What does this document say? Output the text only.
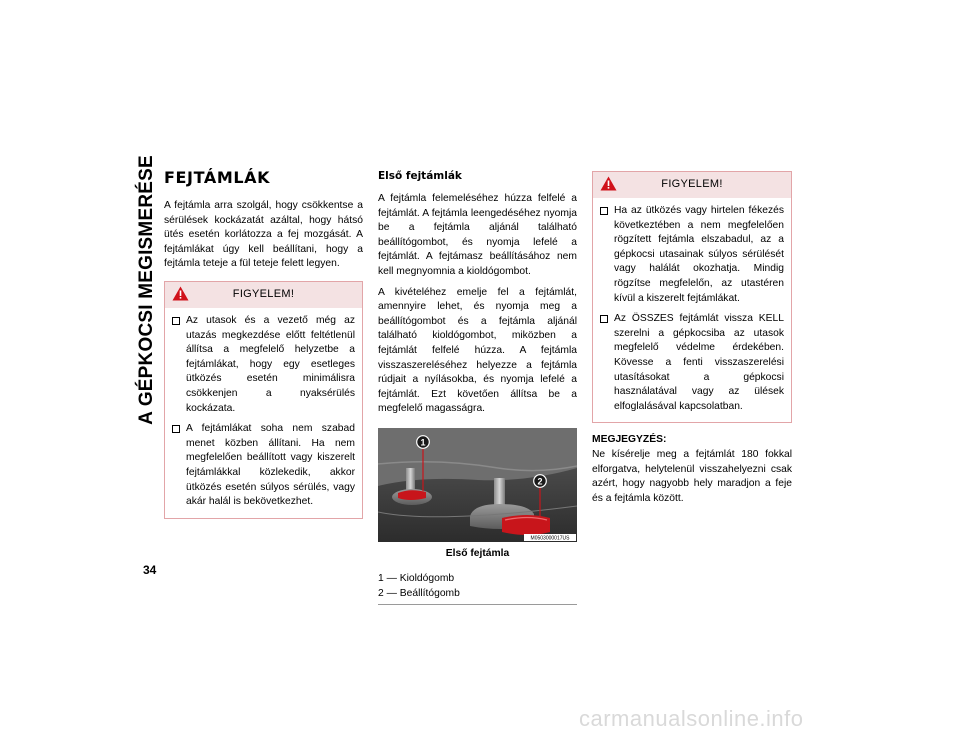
A GÉPKOCSI MEGISMERÉSE
34
FEJTÁMLÁK

A fejtámla arra szolgál, hogy csökkentse a sérülések kockázatát azáltal, hogy hátsó ütés esetén korlátozza a fej mozgását. A fejtámlákat úgy kell beállítani, hogy a fejtámla teteje a fül teteje felett legyen.

FIGYELEM!
Az utasok és a vezető még az utazás megkezdése előtt feltétlenül állítsa a megfelelő helyzetbe a fejtámlákat, hogy egy esetleges ütközés esetén minimálisra csökkenjen a nyaksérülés kockázata.
A fejtámlákat soha nem szabad menet közben állítani. Ha nem megfelelően beállított vagy kiszerelt fejtámlákkal közlekedik, akkor ütközés esetén súlyos sérülés, vagy akár halál is bekövetkezhet.

Első fejtámlák

A fejtámla felemeléséhez húzza felfelé a fejtámlát. A fejtámla leengedéséhez nyomja be a fejtámla aljánál található beállítógombot, és nyomja lefelé a fejtámlát. A fejtámasz beállításához nem kell megnyomnia a kioldógombot.

A kivételéhez emelje fel a fejtámlát, amennyire lehet, és nyomja meg a beállítógombot és a fejtámla aljánál található kioldógombot, miközben a fejtámlát felfelé húzza. A fejtámla visszaszereléséhez helyezze a fejtámla rúdjait a nyílásokba, és nyomja lefelé a fejtámlát. Ezt követően állítsa be a megfelelő magasságra.

1
2
M0503000017US
Első fejtámla
1 — Kioldógomb
2 — Beállítógomb
FIGYELEM!
Ha az ütközés vagy hirtelen fékezés következtében a nem megfelelően rögzített fejtámla elszabadul, az a gépkocsi utasainak súlyos sérülését vagy halálát okozhatja. Mindig rögzítse megfelelőn, az utastéren kívül a kiszerelt fejtámlákat.
Az ÖSSZES fejtámlát vissza KELL szerelni a gépkocsiba az utasok megfelelő védelme érdekében. Kövesse a fenti visszaszerelési utasításokat a gépkocsi használatával vagy az ülések elfoglalásával kapcsolatban.
MEGJEGYZÉS:

Ne kísérelje meg a fejtámlát 180 fokkal elforgatva, helytelenül visszahelyezni csak azért, hogy nagyobb hely maradjon a feje és a fejtámla között.

carmanualsonline.info
